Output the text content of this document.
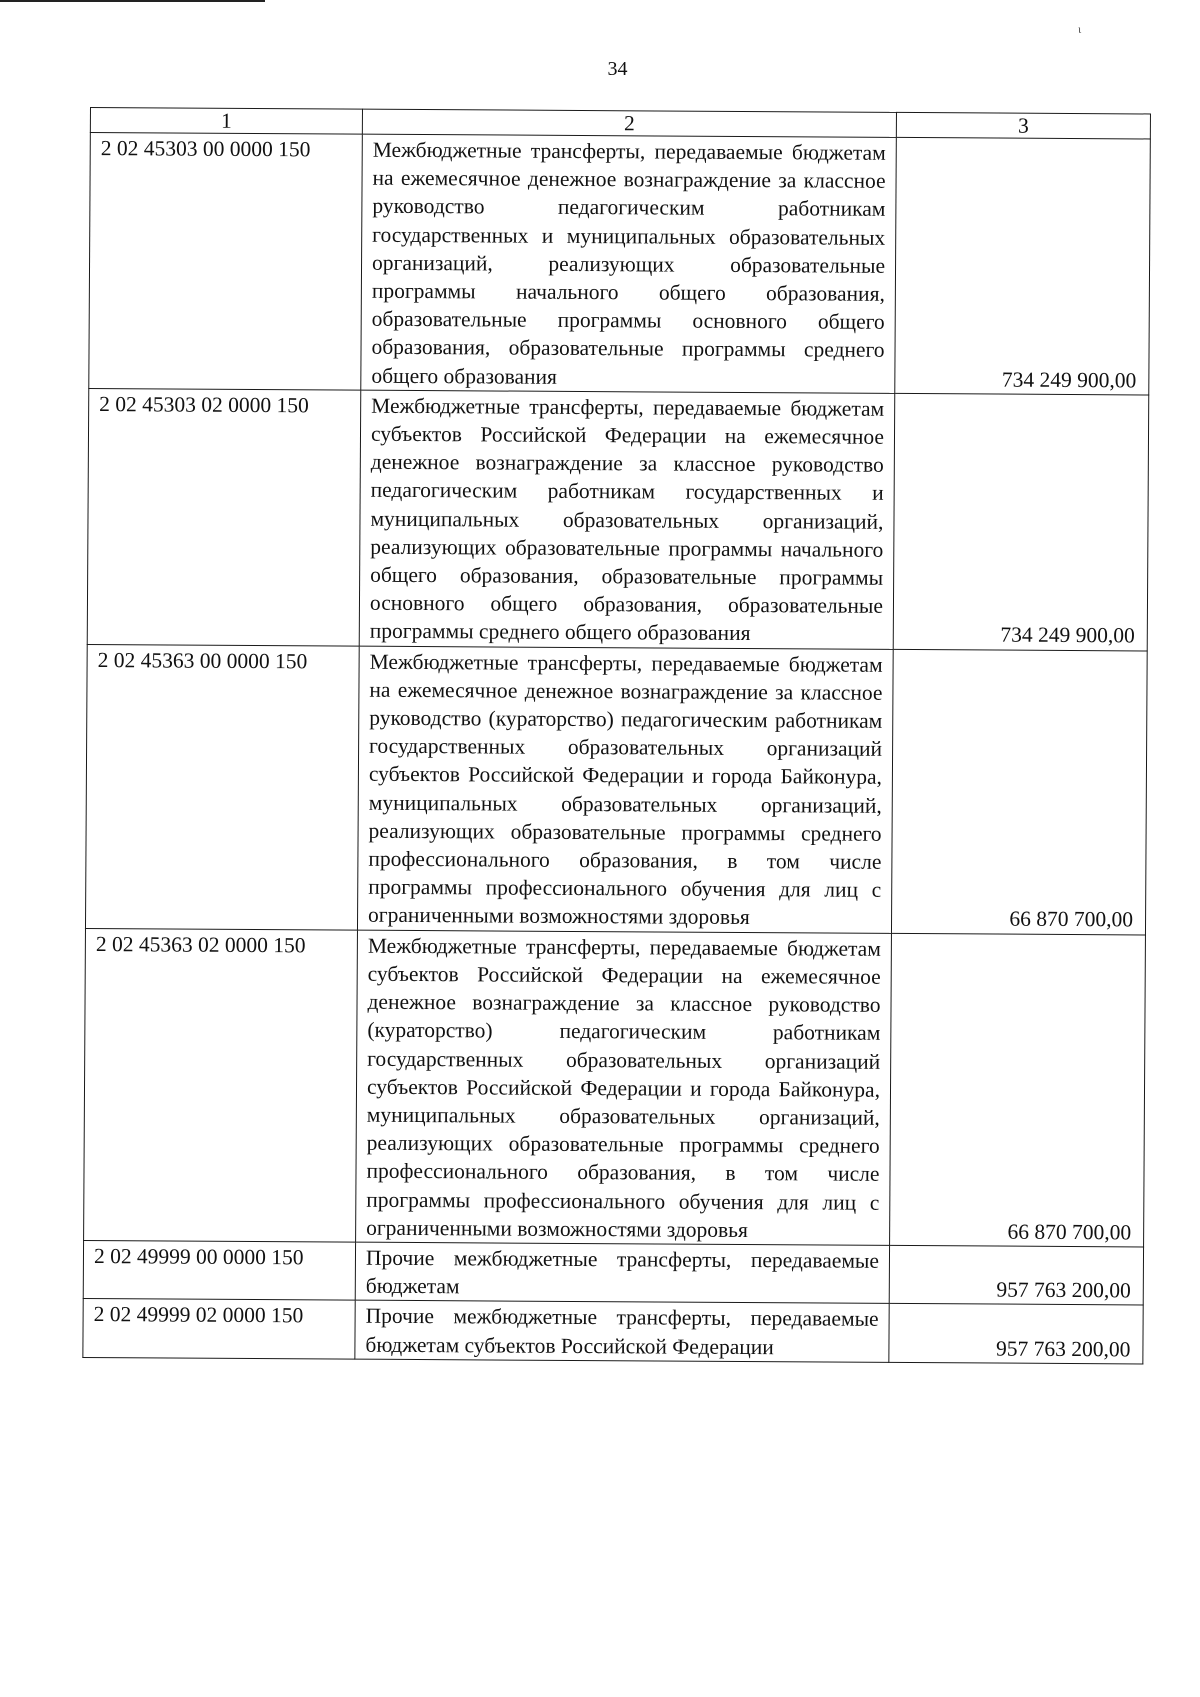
ι
34
1	2	3
2 02 45303 00 0000 150	Межбюджетные трансферты, передаваемые бюджетам на ежемесячное денежное вознаграждение за классное руководство педагогическим работникам государственных и муниципальных образовательных организаций, реализующих образовательные программы начального общего образования, образовательные программы основного общего образования, образовательные программы среднего общего образования	734 249 900,00
2 02 45303 02 0000 150	Межбюджетные трансферты, передаваемые бюджетам субъектов Российской Федерации на ежемесячное денежное вознаграждение за классное руководство педагогическим работникам государственных и муниципальных образовательных организаций, реализующих образовательные программы начального общего образования, образовательные программы основного общего образования, образовательные программы среднего общего образования	734 249 900,00
2 02 45363 00 0000 150	Межбюджетные трансферты, передаваемые бюджетам на ежемесячное денежное вознаграждение за классное руководство (кураторство) педагогическим работникам государственных образовательных организаций субъектов Российской Федерации и города Байконура, муниципальных образовательных организаций, реализующих образовательные программы среднего профессионального образования, в том числе программы профессионального обучения для лиц с ограниченными возможностями здоровья	66 870 700,00
2 02 45363 02 0000 150	Межбюджетные трансферты, передаваемые бюджетам субъектов Российской Федерации на ежемесячное денежное вознаграждение за классное руководство (кураторство) педагогическим работникам государственных образовательных организаций субъектов Российской Федерации и города Байконура, муниципальных образовательных организаций, реализующих образовательные программы среднего профессионального образования, в том числе программы профессионального обучения для лиц с ограниченными возможностями здоровья	66 870 700,00
2 02 49999 00 0000 150	Прочие межбюджетные трансферты, передаваемые бюджетам	957 763 200,00
2 02 49999 02 0000 150	Прочие межбюджетные трансферты, передаваемые бюджетам субъектов Российской Федерации	957 763 200,00
